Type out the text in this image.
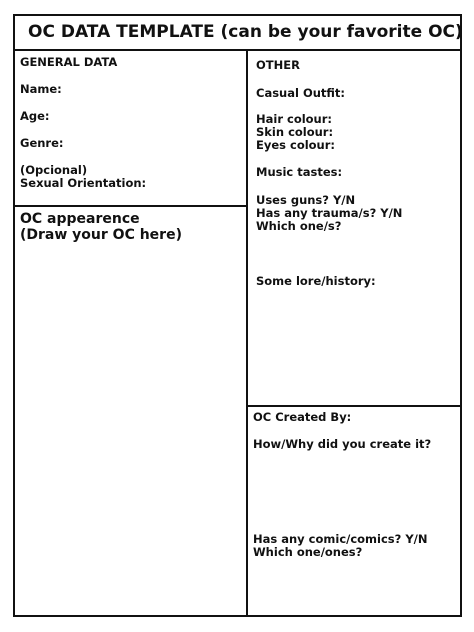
OC DATA TEMPLATE (can be your favorite OC)

GENERAL DATA

Name:

Age:

Genre:

(Opcional)

Sexual Orientation:

OC appearence

(Draw your OC here)

OTHER

Casual Outfit:

Hair colour:

Skin colour:

Eyes colour:

Music tastes:

Uses guns? Y/N

Has any trauma/s? Y/N

Which one/s?

Some lore/history:

OC Created By:

How/Why did you create it?

Has any comic/comics? Y/N

Which one/ones?
